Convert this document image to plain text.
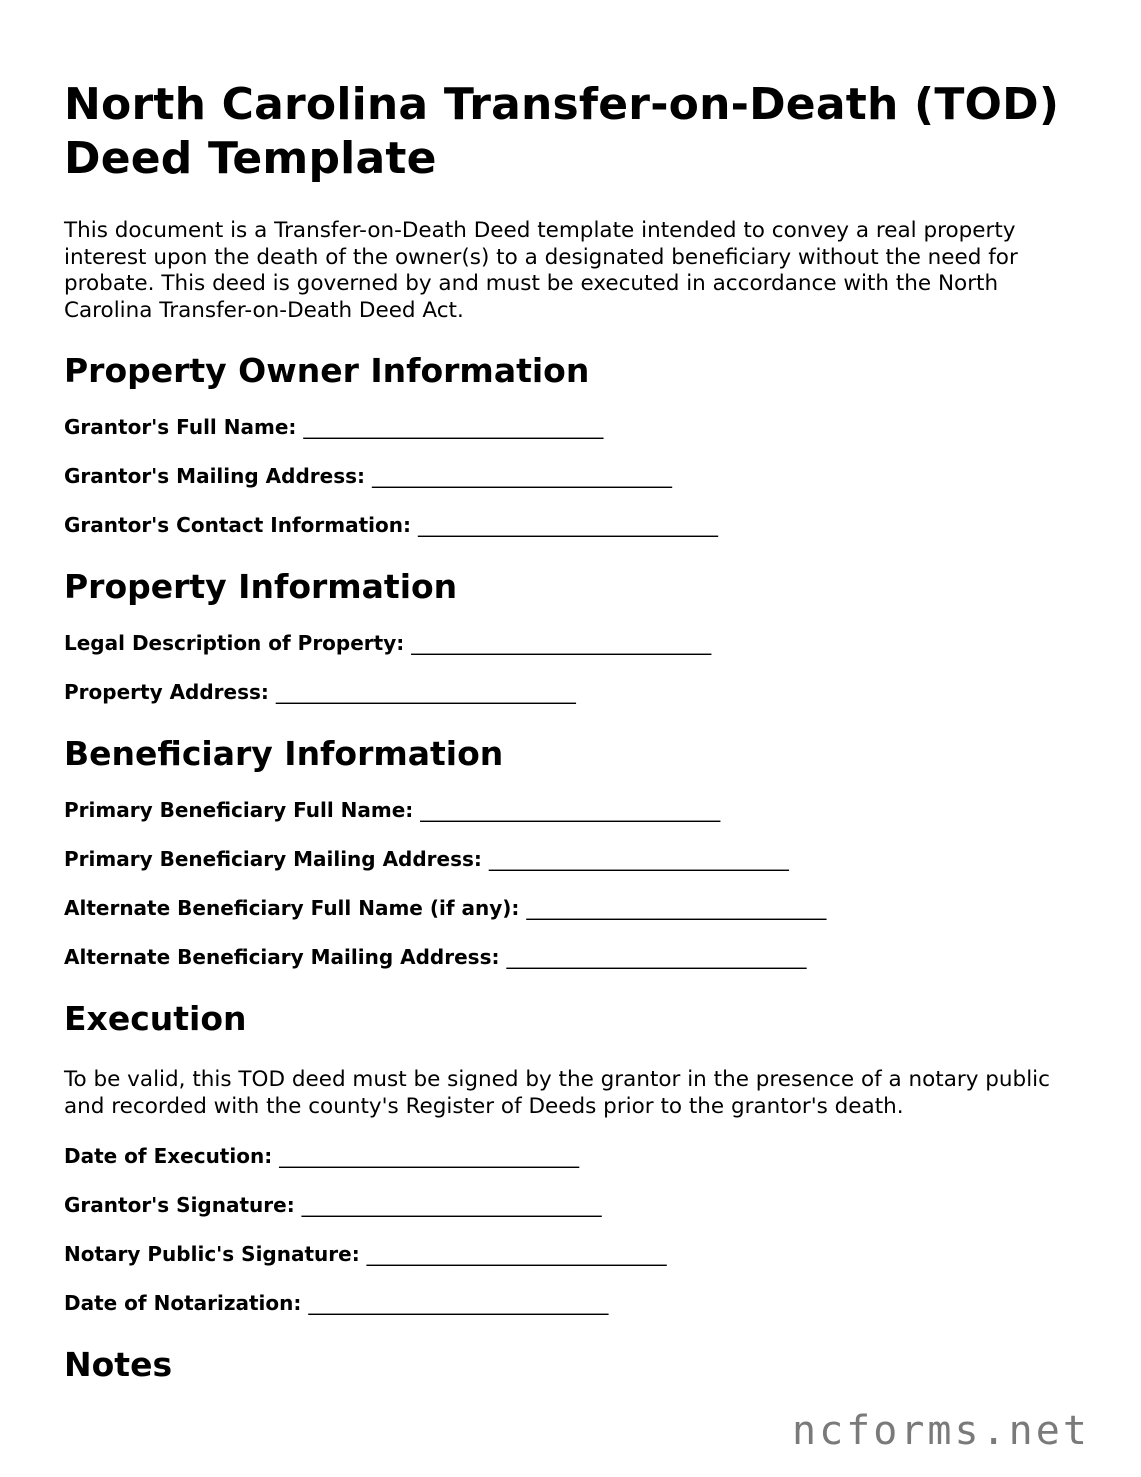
North Carolina Transfer-on-Death (TOD) Deed Template

This document is a Transfer-on-Death Deed template intended to convey a real property interest upon the death of the owner(s) to a designated beneficiary without the need for probate. This deed is governed by and must be executed in accordance with the North Carolina Transfer-on-Death Deed Act.

Property Owner Information
Grantor's Full Name: ______________________________
Grantor's Mailing Address: ______________________________
Grantor's Contact Information: ______________________________
Property Information
Legal Description of Property: ______________________________
Property Address: ______________________________
Beneficiary Information
Primary Beneficiary Full Name: ______________________________
Primary Beneficiary Mailing Address: ______________________________
Alternate Beneficiary Full Name (if any): ______________________________
Alternate Beneficiary Mailing Address: ______________________________
Execution

To be valid, this TOD deed must be signed by the grantor in the presence of a notary public and recorded with the county's Register of Deeds prior to the grantor's death.

Date of Execution: ______________________________
Grantor's Signature: ______________________________
Notary Public's Signature: ______________________________
Date of Notarization: ______________________________
Notes
ncforms.net
